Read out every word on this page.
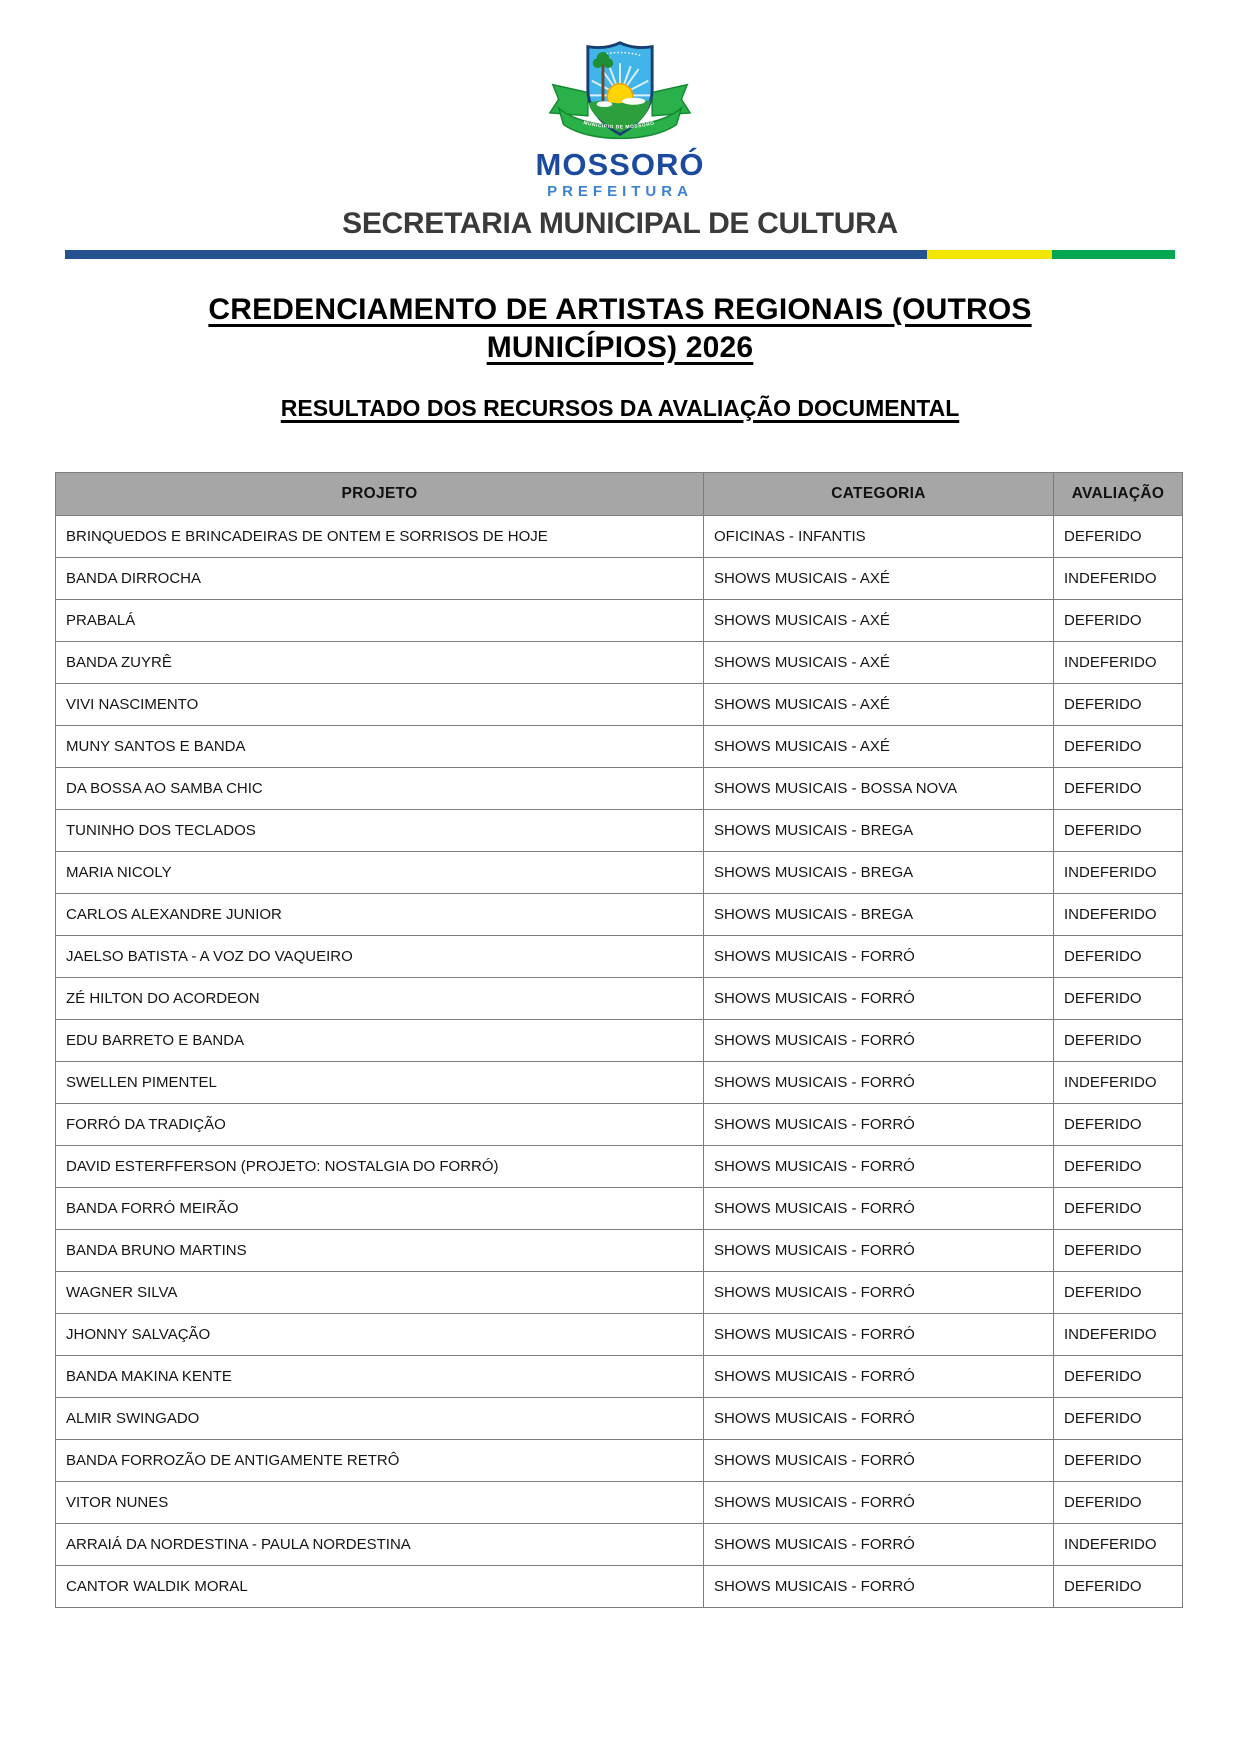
MUNICÍPIO DE MOSSORÓ
MOSSORÓ
PREFEITURA
SECRETARIA MUNICIPAL DE CULTURA
CREDENCIAMENTO DE ARTISTAS REGIONAIS (OUTROS MUNICÍPIOS) 2026
RESULTADO DOS RECURSOS DA AVALIAÇÃO DOCUMENTAL
PROJETO	CATEGORIA	AVALIAÇÃO
BRINQUEDOS E BRINCADEIRAS DE ONTEM E SORRISOS DE HOJE	OFICINAS - INFANTIS	DEFERIDO
BANDA DIRROCHA	SHOWS MUSICAIS - AXÉ	INDEFERIDO
PRABALÁ	SHOWS MUSICAIS - AXÉ	DEFERIDO
BANDA ZUYRÊ	SHOWS MUSICAIS - AXÉ	INDEFERIDO
VIVI NASCIMENTO	SHOWS MUSICAIS - AXÉ	DEFERIDO
MUNY SANTOS E BANDA	SHOWS MUSICAIS - AXÉ	DEFERIDO
DA BOSSA AO SAMBA CHIC	SHOWS MUSICAIS - BOSSA NOVA	DEFERIDO
TUNINHO DOS TECLADOS	SHOWS MUSICAIS - BREGA	DEFERIDO
MARIA NICOLY	SHOWS MUSICAIS - BREGA	INDEFERIDO
CARLOS ALEXANDRE JUNIOR	SHOWS MUSICAIS - BREGA	INDEFERIDO
JAELSO BATISTA - A VOZ DO VAQUEIRO	SHOWS MUSICAIS - FORRÓ	DEFERIDO
ZÉ HILTON DO ACORDEON	SHOWS MUSICAIS - FORRÓ	DEFERIDO
EDU BARRETO E BANDA	SHOWS MUSICAIS - FORRÓ	DEFERIDO
SWELLEN PIMENTEL	SHOWS MUSICAIS - FORRÓ	INDEFERIDO
FORRÓ DA TRADIÇÃO	SHOWS MUSICAIS - FORRÓ	DEFERIDO
DAVID ESTERFFERSON (PROJETO: NOSTALGIA DO FORRÓ)	SHOWS MUSICAIS - FORRÓ	DEFERIDO
BANDA FORRÓ MEIRÃO	SHOWS MUSICAIS - FORRÓ	DEFERIDO
BANDA BRUNO MARTINS	SHOWS MUSICAIS - FORRÓ	DEFERIDO
WAGNER SILVA	SHOWS MUSICAIS - FORRÓ	DEFERIDO
JHONNY SALVAÇÃO	SHOWS MUSICAIS - FORRÓ	INDEFERIDO
BANDA MAKINA KENTE	SHOWS MUSICAIS - FORRÓ	DEFERIDO
ALMIR SWINGADO	SHOWS MUSICAIS - FORRÓ	DEFERIDO
BANDA FORROZÃO DE ANTIGAMENTE RETRÔ	SHOWS MUSICAIS - FORRÓ	DEFERIDO
VITOR NUNES	SHOWS MUSICAIS - FORRÓ	DEFERIDO
ARRAIÁ DA NORDESTINA - PAULA NORDESTINA	SHOWS MUSICAIS - FORRÓ	INDEFERIDO
CANTOR WALDIK MORAL	SHOWS MUSICAIS - FORRÓ	DEFERIDO
